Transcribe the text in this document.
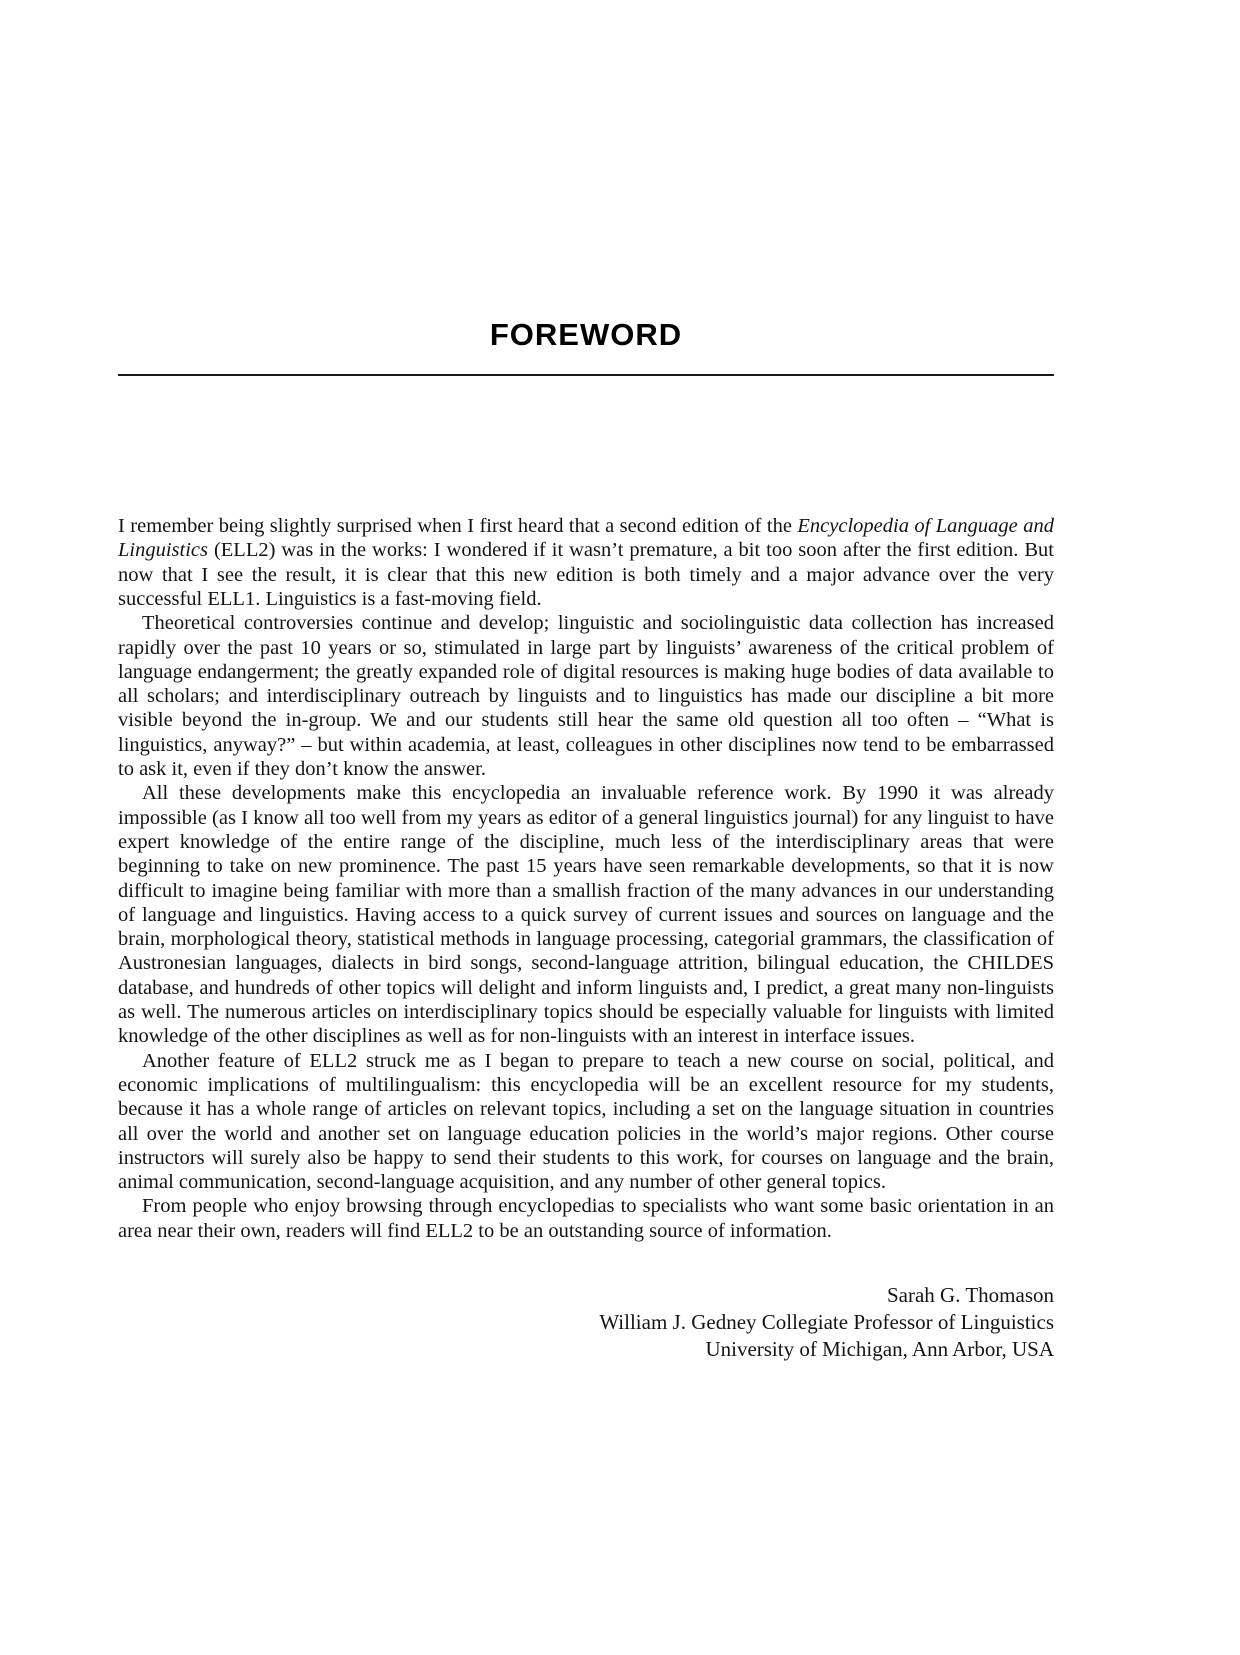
FOREWORD

I remember being slightly surprised when I first heard that a second edition of the Encyclopedia of Language and Linguistics (ELL2) was in the works: I wondered if it wasn’t premature, a bit too soon after the first edition. But now that I see the result, it is clear that this new edition is both timely and a major advance over the very successful ELL1. Linguistics is a fast-moving field.

Theoretical controversies continue and develop; linguistic and sociolinguistic data collection has increased rapidly over the past 10 years or so, stimulated in large part by linguists’ awareness of the critical problem of language endangerment; the greatly expanded role of digital resources is making huge bodies of data available to all scholars; and interdisciplinary outreach by linguists and to linguistics has made our discipline a bit more visible beyond the in-group. We and our students still hear the same old question all too often – “What is linguistics, anyway?” – but within academia, at least, colleagues in other disciplines now tend to be embarrassed to ask it, even if they don’t know the answer.

All these developments make this encyclopedia an invaluable reference work. By 1990 it was already impossible (as I know all too well from my years as editor of a general linguistics journal) for any linguist to have expert knowledge of the entire range of the discipline, much less of the interdisciplinary areas that were beginning to take on new prominence. The past 15 years have seen remarkable developments, so that it is now difficult to imagine being familiar with more than a smallish fraction of the many advances in our understanding of language and linguistics. Having access to a quick survey of current issues and sources on language and the brain, morphological theory, statistical methods in language processing, categorial grammars, the classification of Austronesian languages, dialects in bird songs, second-language attrition, bilingual education, the CHILDES database, and hundreds of other topics will delight and inform linguists and, I predict, a great many non-linguists as well. The numerous articles on interdisciplinary topics should be especially valuable for linguists with limited knowledge of the other disciplines as well as for non-linguists with an interest in interface issues.

Another feature of ELL2 struck me as I began to prepare to teach a new course on social, political, and economic implications of multilingualism: this encyclopedia will be an excellent resource for my students, because it has a whole range of articles on relevant topics, including a set on the language situation in countries all over the world and another set on language education policies in the world’s major regions. Other course instructors will surely also be happy to send their students to this work, for courses on language and the brain, animal communication, second-language acquisition, and any number of other general topics.

From people who enjoy browsing through encyclopedias to specialists who want some basic orientation in an area near their own, readers will find ELL2 to be an outstanding source of information.

Sarah G. Thomason
William J. Gedney Collegiate Professor of Linguistics
University of Michigan, Ann Arbor, USA
